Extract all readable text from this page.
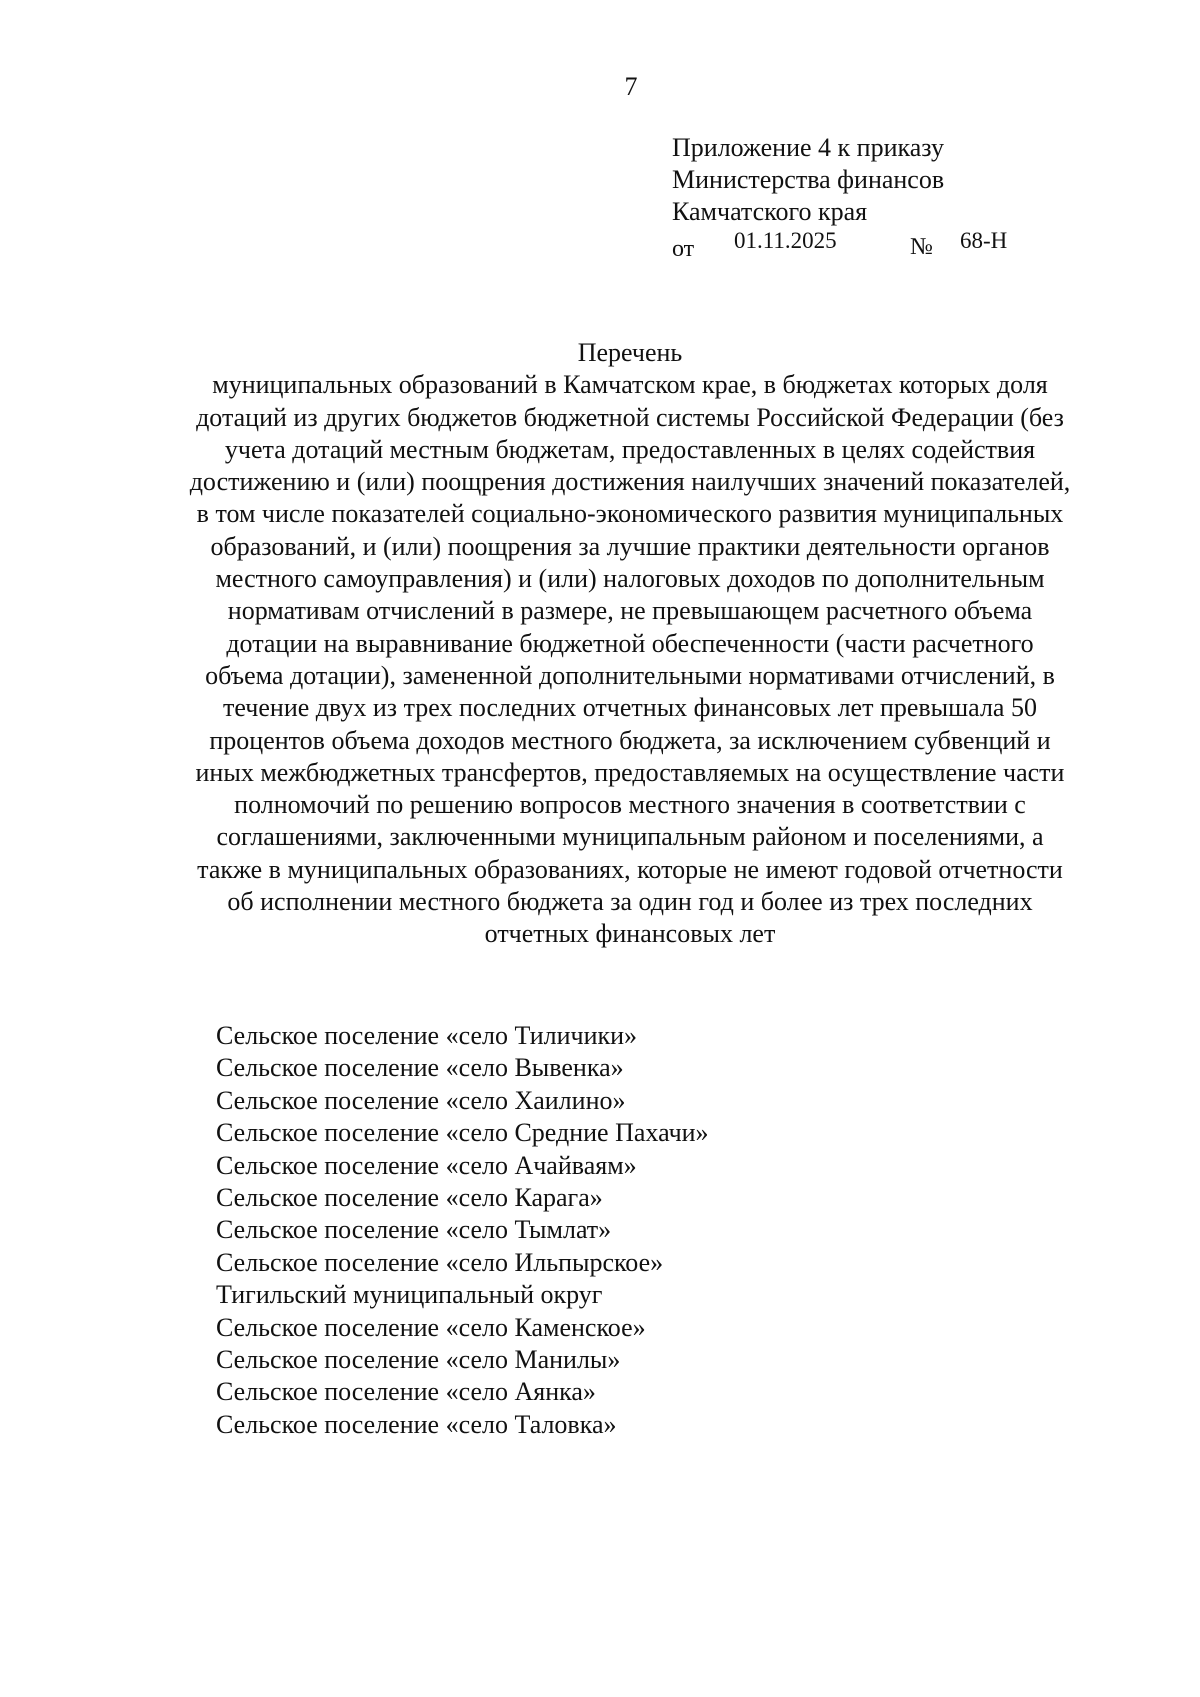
7
Приложение 4 к приказу
Министерства финансов
Камчатского края
от 01.11.2025	№ 68-Н
Перечень
муниципальных образований в Камчатском крае, в бюджетах которых доля
дотаций из других бюджетов бюджетной системы Российской Федерации (без
учета дотаций местным бюджетам, предоставленных в целях содействия
достижению и (или) поощрения достижения наилучших значений показателей,
в том числе показателей социально-экономического развития муниципальных
образований, и (или) поощрения за лучшие практики деятельности органов
местного самоуправления) и (или) налоговых доходов по дополнительным
нормативам отчислений в размере, не превышающем расчетного объема
дотации на выравнивание бюджетной обеспеченности (части расчетного
объема дотации), замененной дополнительными нормативами отчислений, в
течение двух из трех последних отчетных финансовых лет превышала 50
процентов объема доходов местного бюджета, за исключением субвенций и
иных межбюджетных трансфертов, предоставляемых на осуществление части
полномочий по решению вопросов местного значения в соответствии с
соглашениями, заключенными муниципальным районом и поселениями, а
также в муниципальных образованиях, которые не имеют годовой отчетности
об исполнении местного бюджета за один год и более из трех последних
отчетных финансовых лет
Сельское поселение «село Тиличики»
Сельское поселение «село Вывенка»
Сельское поселение «село Хаилино»
Сельское поселение «село Средние Пахачи»
Сельское поселение «село Ачайваям»
Сельское поселение «село Карага»
Сельское поселение «село Тымлат»
Сельское поселение «село Ильпырское»
Тигильский муниципальный округ
Сельское поселение «село Каменское»
Сельское поселение «село Манилы»
Сельское поселение «село Аянка»
Сельское поселение «село Таловка»
